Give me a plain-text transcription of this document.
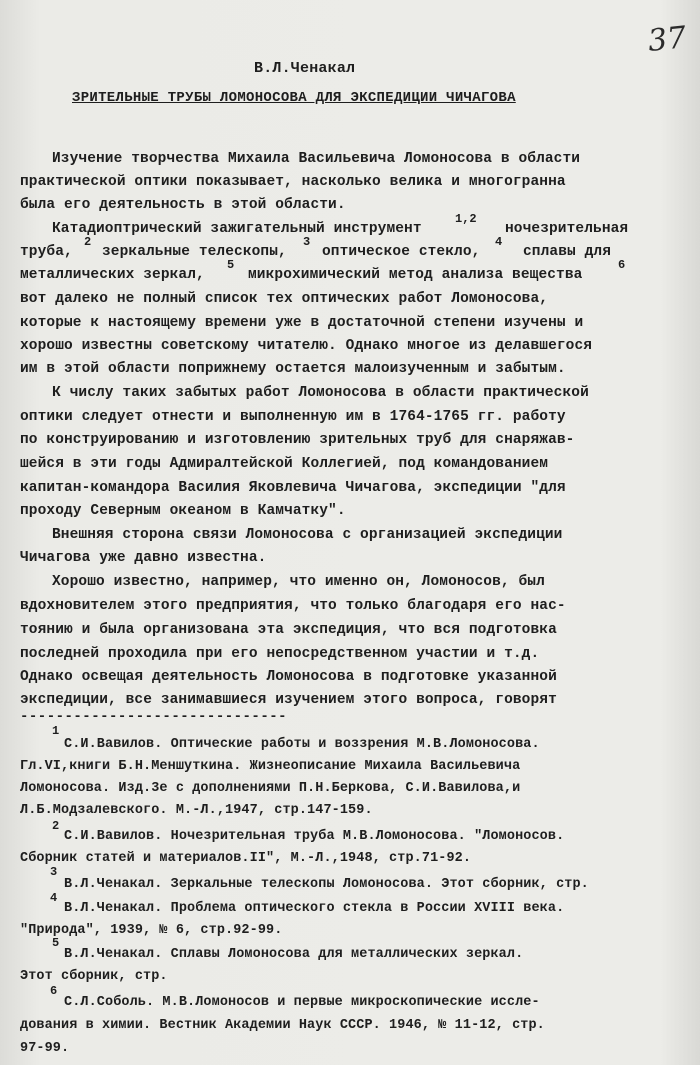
37
В.Л.Ченакал
ЗРИТЕЛЬНЫЕ ТРУБЫ ЛОМОНОСОВА ДЛЯ ЭКСПЕДИЦИИ ЧИЧАГОВА
Изучение творчества Михаила Васильевича Ломоносова в области
практической оптики показывает, насколько велика и многогранна
была его деятельность в этой области.
Катадиоптрический зажигательный инструмент
1,2
ночезрительная
труба,
2
зеркальные телескопы,
3
оптическое стекло,
4
сплавы для
металлических зеркал,
5
микрохимический метод анализа вещества
6
вот далеко не полный список тех оптических работ Ломоносова,
которые к настоящему времени уже в достаточной степени изучены и
хорошо известны советскому читателю. Однако многое из делавшегося
им в этой области поприжнему остается малоизученным и забытым.
К числу таких забытых работ Ломоносова в области практической
оптики следует отнести и выполненную им в 1764-1765 гг. работу
по конструированию и изготовлению зрительных труб для снаряжав-
шейся в эти годы Адмиралтейской Коллегией, под командованием
капитан-командора Василия Яковлевича Чичагова, экспедиции "для
проходу Северным океаном в Камчатку".
Внешняя сторона связи Ломоносова с организацией экспедиции
Чичагова уже давно известна.
Хорошо известно, например, что именно он, Ломоносов, был
вдохновителем этого предприятия, что только благодаря его нас-
тоянию и была организована эта экспедиция, что вся подготовка
последней проходила при его непосредственном участии и т.д.
Однако освещая деятельность Ломоносова в подготовке указанной
экспедиции, все занимавшиеся изучением этого вопроса, говорят
------------------------------
1
С.И.Вавилов. Оптические работы и воззрения М.В.Ломоносова.
Гл.VI,книги Б.Н.Меншуткина. Жизнеописание Михаила Васильевича
Ломоносова. Изд.3е с дополнениями П.Н.Беркова, С.И.Вавилова,и
Л.Б.Модзалевского. М.-Л.,1947, стр.147-159.
2
С.И.Вавилов. Ночезрительная труба М.В.Ломоносова. "Ломоносов.
Сборник статей и материалов.II", М.-Л.,1948, стр.71-92.
3
В.Л.Ченакал. Зеркальные телескопы Ломоносова. Этот сборник, стр.
4
В.Л.Ченакал. Проблема оптического стекла в России XVIII века.
"Природа", 1939, № 6, стр.92-99.
5
В.Л.Ченакал. Сплавы Ломоносова для металлических зеркал.
Этот сборник, стр.
6
С.Л.Соболь. М.В.Ломоносов и первые микроскопические иссле-
дования в химии. Вестник Академии Наук СССР. 1946, № 11-12, стр.
97-99.
